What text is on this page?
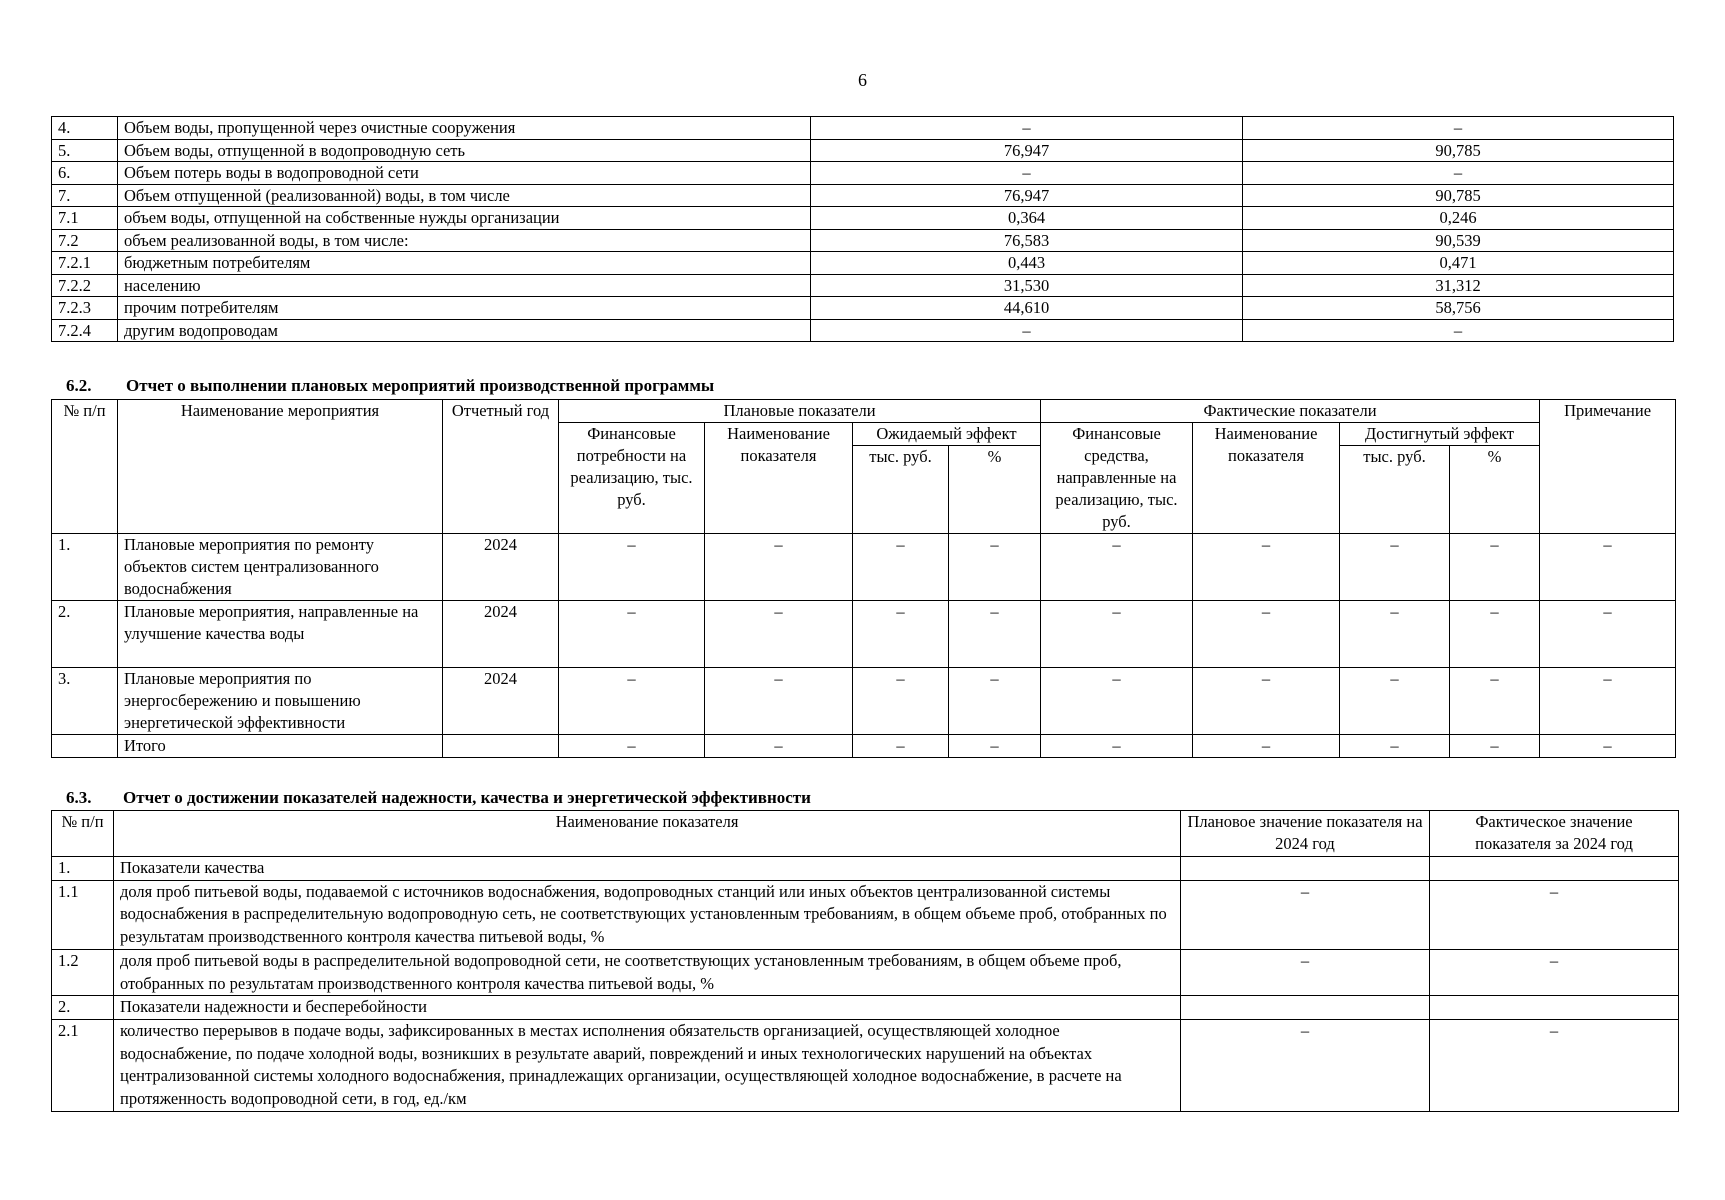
6
4.	Объем воды, пропущенной через очистные сооружения	–	–
5.	Объем воды, отпущенной в водопроводную сеть	76,947	90,785
6.	Объем потерь воды в водопроводной сети	–	–
7.	Объем отпущенной (реализованной) воды, в том числе	76,947	90,785
7.1	объем воды, отпущенной на собственные нужды организации	0,364	0,246
7.2	объем реализованной воды, в том числе:	76,583	90,539
7.2.1	бюджетным потребителям	0,443	0,471
7.2.2	населению	31,530	31,312
7.2.3	прочим потребителям	44,610	58,756
7.2.4	другим водопроводам	–	–
6.2. Отчет о выполнении плановых мероприятий производственной программы
№ п/п	Наименование мероприятия	Отчетный год	Плановые показатели				Фактические показатели				Примечание
			Финансовые потребности на реализацию, тыс. руб.	Наименование показателя	Ожидаемый эффект		Финансовые средства, направленные на реализацию, тыс. руб.	Наименование показателя	Достигнутый эффект		
					тыс. руб.	%			тыс. руб.	%	
1.	Плановые мероприятия по ремонту объектов систем централизованного водоснабжения	2024	–	–	–	–	–	–	–	–	–
2.	Плановые мероприятия, направленные на улучшение качества воды	2024	–	–	–	–	–	–	–	–	–
3.	Плановые мероприятия по энергосбережению и повышению энергетической эффективности	2024	–	–	–	–	–	–	–	–	–
	Итого		–	–	–	–	–	–	–	–	–
6.3. Отчет о достижении показателей надежности, качества и энергетической эффективности
№ п/п	Наименование показателя	Плановое значение показателя на 2024 год	Фактическое значение показателя за 2024 год
1.	Показатели качества		
1.1	доля проб питьевой воды, подаваемой с источников водоснабжения, водопроводных станций или иных объектов централизованной системы водоснабжения в распределительную водопроводную сеть, не соответствующих установленным требованиям, в общем объеме проб, отобранных по результатам производственного контроля качества питьевой воды, %	–	–
1.2	доля проб питьевой воды в распределительной водопроводной сети, не соответствующих установленным требованиям, в общем объеме проб, отобранных по результатам производственного контроля качества питьевой воды, %	–	–
2.	Показатели надежности и бесперебойности		
2.1	количество перерывов в подаче воды, зафиксированных в местах исполнения обязательств организацией, осуществляющей холодное водоснабжение, по подаче холодной воды, возникших в результате аварий, повреждений и иных технологических нарушений на объектах централизованной системы холодного водоснабжения, принадлежащих организации, осуществляющей холодное водоснабжение, в расчете на протяженность водопроводной сети, в год, ед./км	–	–
